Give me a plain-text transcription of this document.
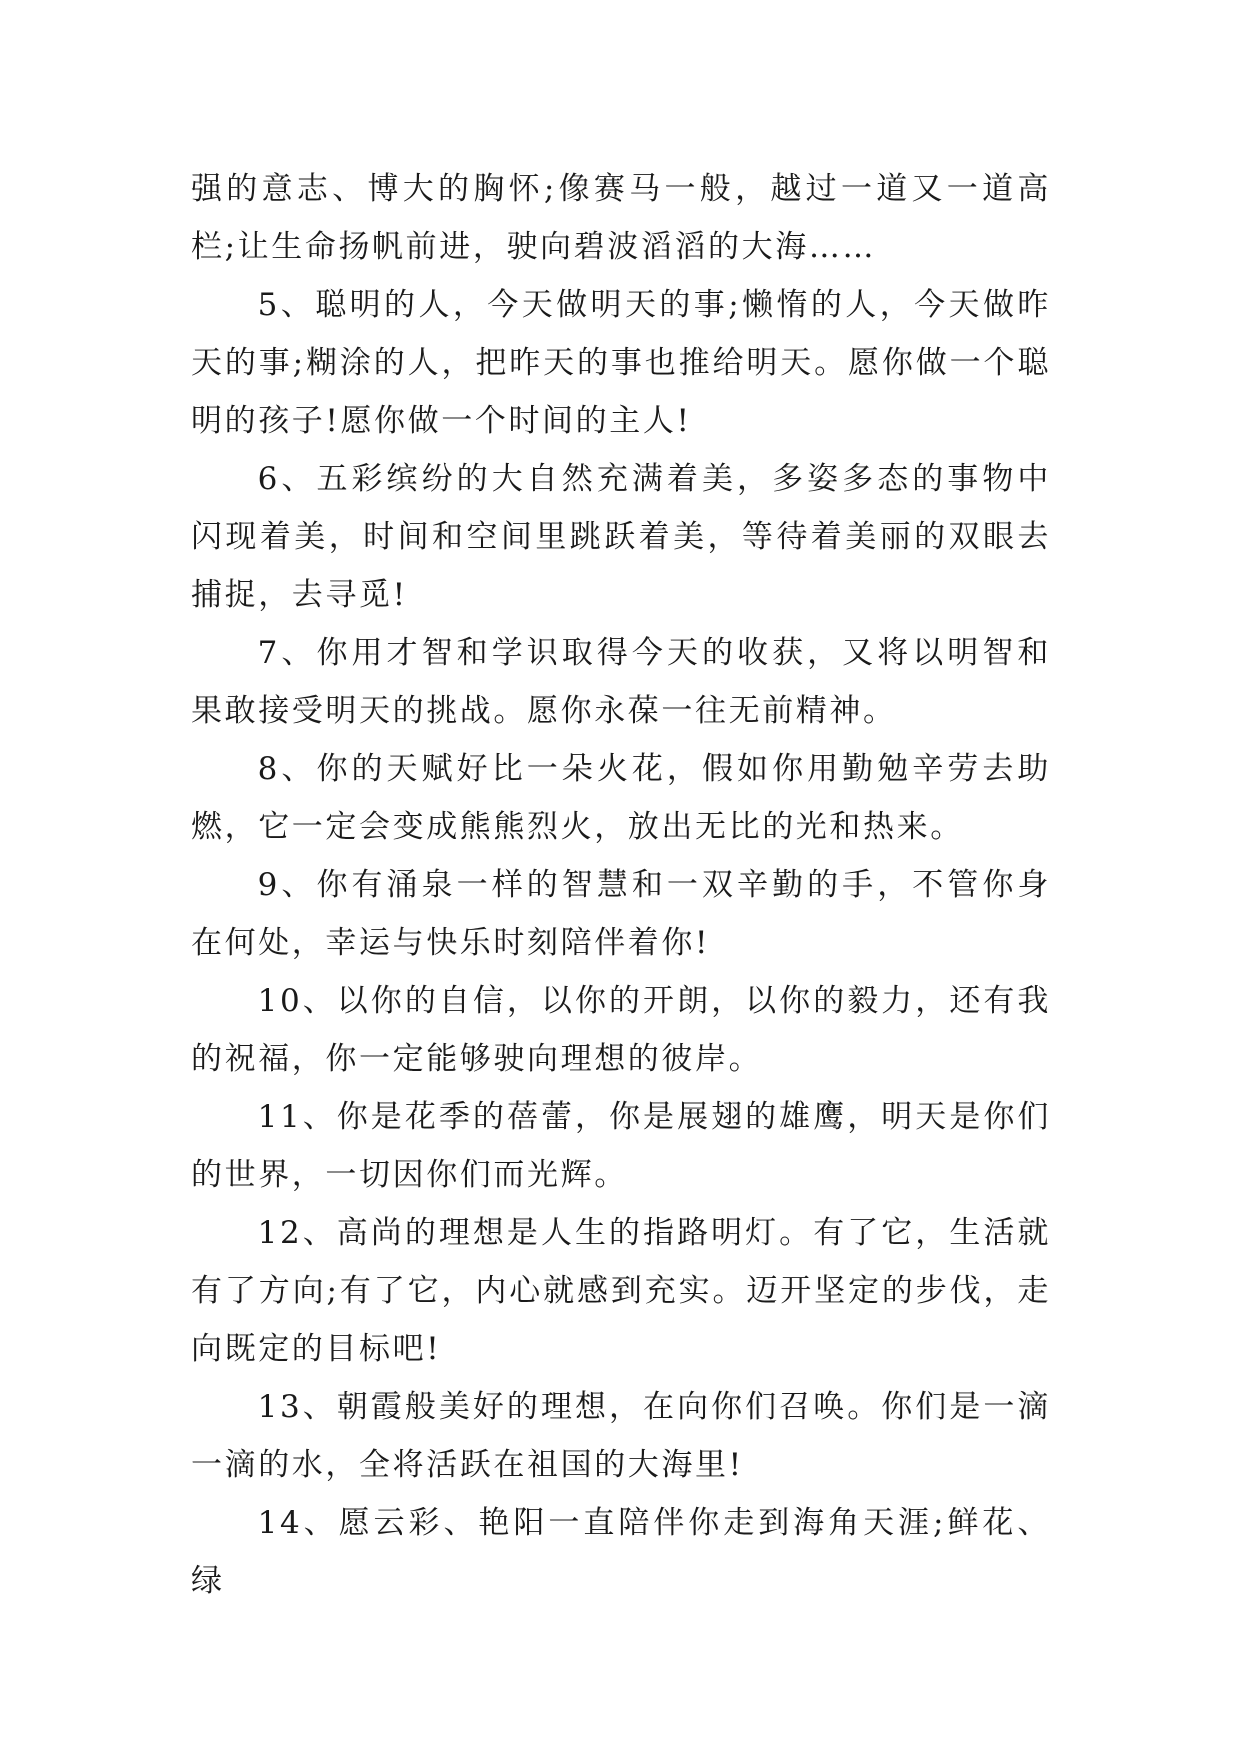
强的意志、博大的胸怀;像赛马一般，越过一道又一道高栏;让生命扬帆前进，驶向碧波滔滔的大海……

5、聪明的人，今天做明天的事;懒惰的人，今天做昨天的事;糊涂的人，把昨天的事也推给明天。愿你做一个聪明的孩子!愿你做一个时间的主人!

6、五彩缤纷的大自然充满着美，多姿多态的事物中闪现着美，时间和空间里跳跃着美，等待着美丽的双眼去捕捉，去寻觅!

7、你用才智和学识取得今天的收获，又将以明智和果敢接受明天的挑战。愿你永葆一往无前精神。

8、你的天赋好比一朵火花，假如你用勤勉辛劳去助燃，它一定会变成熊熊烈火，放出无比的光和热来。

9、你有涌泉一样的智慧和一双辛勤的手，不管你身在何处，幸运与快乐时刻陪伴着你!

10、以你的自信，以你的开朗，以你的毅力，还有我的祝福，你一定能够驶向理想的彼岸。

11、你是花季的蓓蕾，你是展翅的雄鹰，明天是你们的世界，一切因你们而光辉。

12、高尚的理想是人生的指路明灯。有了它，生活就有了方向;有了它，内心就感到充实。迈开坚定的步伐，走向既定的目标吧!

13、朝霞般美好的理想，在向你们召唤。你们是一滴一滴的水，全将活跃在祖国的大海里!

14、愿云彩、艳阳一直陪伴你走到海角天涯;鲜花、绿
